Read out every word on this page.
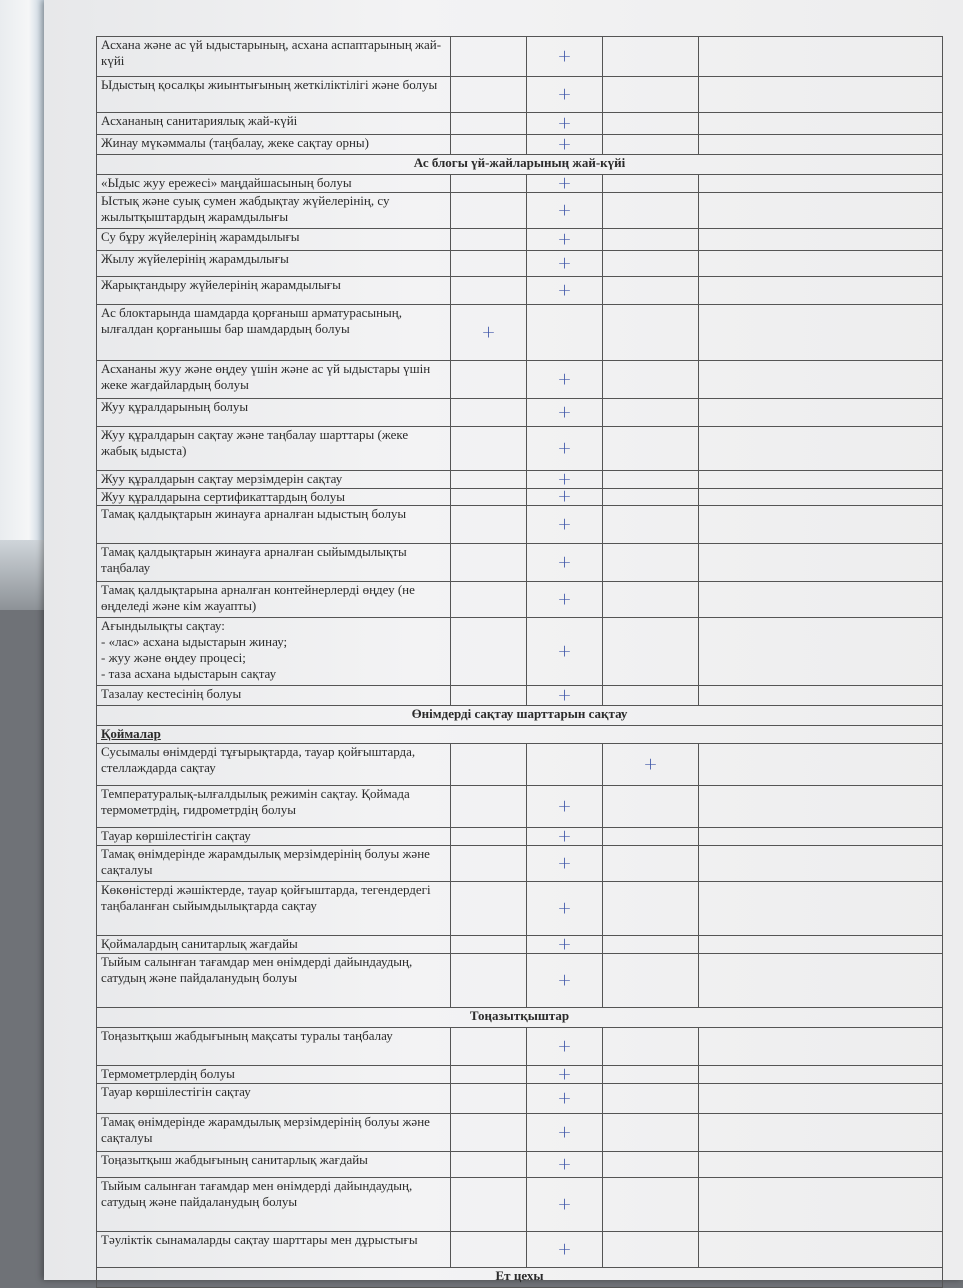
Асхана және ас үй ыдыстарының, асхана аспаптарының жай-күйі		+		

Ыдыстың қосалқы жиынтығының жеткіліктілігі және болуы		+		

Асхананың санитариялық жай-күйі		+		

Жинау мүкәммалы (таңбалау, жеке сақтау орны)		+		

Ас блогы үй-жайларының жай-күйі				
«Ыдыс жуу ережесі» маңдайшасының болуы		+		

Ыстық және суық сумен жабдықтау жүйелерінің, су жылытқыштардың жарамдылығы		+		

Су бұру жүйелерінің жарамдылығы		+		

Жылу жүйелерінің жарамдылығы		+		

Жарықтандыру жүйелерінің жарамдылығы		+		

Ас блоктарында шамдарда қорғаныш арматурасының, ылғалдан қорғанышы бар шамдардың болуы	+			

Асхананы жуу және өңдеу үшін және ас үй ыдыстары үшін жеке жағдайлардың болуы		+		

Жуу құралдарының болуы		+		

Жуу құралдарын сақтау және таңбалау шарттары (жеке жабық ыдыста)		+		

Жуу құралдарын сақтау мерзімдерін сақтау		+		

Жуу құралдарына сертификаттардың болуы		+		

Тамақ қалдықтарын жинауға арналған ыдыстың болуы		+		

Тамақ қалдықтарын жинауға арналған сыйымдылықты таңбалау		+		

Тамақ қалдықтарына арналған контейнерлерді өңдеу (не өңделеді және кім жауапты)		+		

Ағындылықты сақтау:
- «лас» асхана ыдыстарын жинау;
- жуу және өңдеу процесі;
- таза асхана ыдыстарын сақтау		+		

Тазалау кестесінің болуы		+		

Өнімдерді сақтау шарттарын сақтау				
Қоймалар				
Сусымалы өнімдерді тұғырықтарда, тауар қойғыштарда, стеллаждарда сақтау			+	

Температуралық-ылғалдылық режимін сақтау. Қоймада термометрдің, гидрометрдің болуы		+		

Тауар көршілестігін сақтау		+		

Тамақ өнімдерінде жарамдылық мерзімдерінің болуы және сақталуы		+		

Көкөністерді жәшіктерде, тауар қойғыштарда, тегендердегі таңбаланған сыйымдылықтарда сақтау		+		

Қоймалардың санитарлық жағдайы		+		

Тыйым салынған тағамдар мен өнімдерді дайындаудың, сатудың және пайдаланудың болуы		+		

Тоңазытқыштар				
Тоңазытқыш жабдығының мақсаты туралы таңбалау		+		

Термометрлердің болуы		+		

Тауар көршілестігін сақтау		+		

Тамақ өнімдерінде жарамдылық мерзімдерінің болуы және сақталуы		+		

Тоңазытқыш жабдығының санитарлық жағдайы		+		

Тыйым салынған тағамдар мен өнімдерді дайындаудың, сатудың және пайдаланудың болуы		+		

Тәуліктік сынамаларды сақтау шарттары мен дұрыстығы		+		

Ет цехы				
